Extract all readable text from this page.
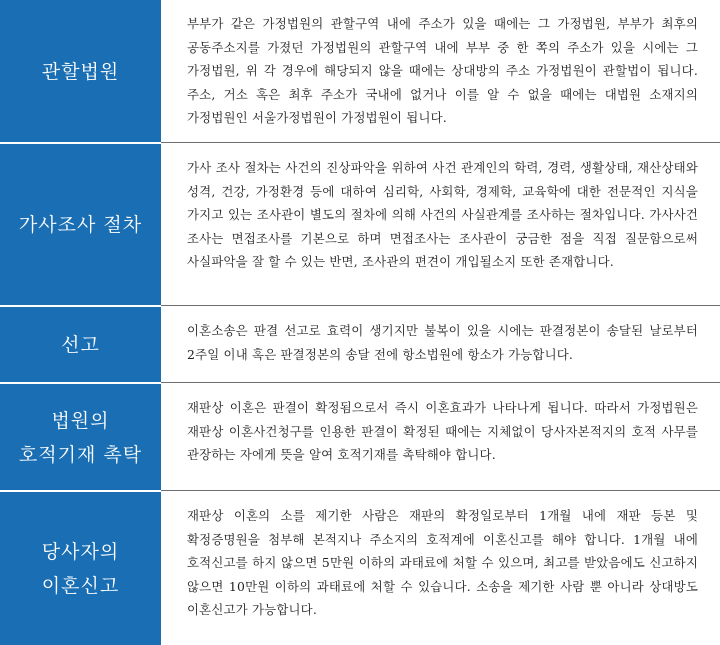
관할법원

부부가 같은 가정법원의 관할구역 내에 주소가 있을 때에는 그 가정법원, 부부가 최후의 공동주소지를 가졌던 가정법원의 관할구역 내에 부부 중 한 쪽의 주소가 있을 시에는 그 가정법원, 위 각 경우에 해당되지 않을 때에는 상대방의 주소 가정법원이 관할법이 됩니다. 주소, 거소 혹은 최후 주소가 국내에 없거나 이를 알 수 없을 때에는 대법원 소재지의 가정법원인 서울가정법원이 가정법원이 됩니다.

가사조사 절차

가사 조사 절차는 사건의 진상파악을 위하여 사건 관계인의 학력, 경력, 생활상태, 재산상태와 성격, 건강, 가정환경 등에 대하여 심리학, 사회학, 경제학, 교육학에 대한 전문적인 지식을 가지고 있는 조사관이 별도의 절차에 의해 사건의 사실관계를 조사하는 절차입니다. 가사사건 조사는 면접조사를 기본으로 하며 면접조사는 조사관이 궁금한 점을 직접 질문함으로써 사실파악을 잘 할 수 있는 반면, 조사관의 편견이 개입될소지 또한 존재합니다.

선고

이혼소송은 판결 선고로 효력이 생기지만 불복이 있을 시에는 판결정본이 송달된 날로부터 2주일 이내 혹은 판결정본의 송달 전에 항소법원에 항소가 가능합니다.

법원의
호적기재 촉탁

재판상 이혼은 판결이 확정됨으로서 즉시 이혼효과가 나타나게 됩니다. 따라서 가정법원은 재판상 이혼사건청구를 인용한 판결이 확정된 때에는 지체없이 당사자본적지의 호적 사무를 관장하는 자에게 뜻을 알여 호적기재를 촉탁해야 합니다.

당사자의
이혼신고

재판상 이혼의 소를 제기한 사람은 재판의 확정일로부터 1개월 내에 재판 등본 및 확정증명원을 첨부해 본적지나 주소지의 호적계에 이혼신고를 해야 합니다. 1개월 내에 호적신고를 하지 않으면 5만원 이하의 과태료에 처할 수 있으며, 최고를 받았음에도 신고하지 않으면 10만원 이하의 과태료에 처할 수 있습니다. 소송을 제기한 사람 뿐 아니라 상대방도 이혼신고가 가능합니다.
